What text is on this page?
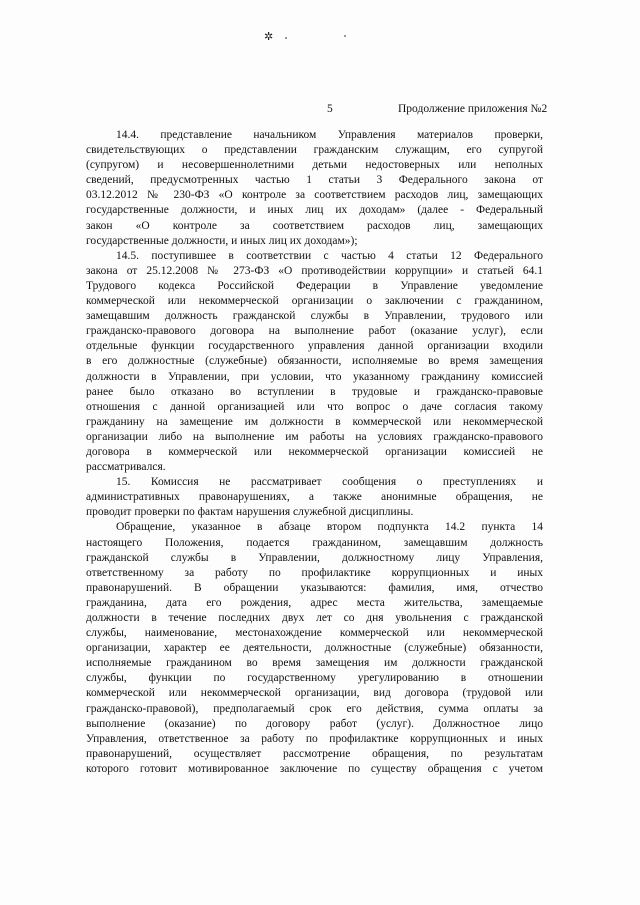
✲
5	Продолжение приложения №2
14.4. представление начальником Управления материалов проверки,
свидетельствующих о представлении гражданским служащим, его супругой
(супругом) и несовершеннолетними детьми недостоверных или неполных
сведений, предусмотренных частью 1 статьи 3 Федерального закона от
03.12.2012 № 230-ФЗ «О контроле за соответствием расходов лиц, замещающих
государственные должности, и иных лиц их доходам» (далее - Федеральный
закон «О контроле за соответствием расходов лиц, замещающих
государственные должности, и иных лиц их доходам»);
14.5. поступившее в соответствии с частью 4 статьи 12 Федерального
закона от 25.12.2008 № 273-ФЗ «О противодействии коррупции» и статьей 64.1
Трудового кодекса Российской Федерации в Управление уведомление
коммерческой или некоммерческой организации о заключении с гражданином,
замещавшим должность гражданской службы в Управлении, трудового или
гражданско-правового договора на выполнение работ (оказание услуг), если
отдельные функции государственного управления данной организации входили
в его должностные (служебные) обязанности, исполняемые во время замещения
должности в Управлении, при условии, что указанному гражданину комиссией
ранее было отказано во вступлении в трудовые и гражданско-правовые
отношения с данной организацией или что вопрос о даче согласия такому
гражданину на замещение им должности в коммерческой или некоммерческой
организации либо на выполнение им работы на условиях гражданско-правового
договора в коммерческой или некоммерческой организации комиссией не
рассматривался.
15. Комиссия не рассматривает сообщения о преступлениях и
административных правонарушениях, а также анонимные обращения, не
проводит проверки по фактам нарушения служебной дисциплины.
Обращение, указанное в абзаце втором подпункта 14.2 пункта 14
настоящего Положения, подается гражданином, замещавшим должность
гражданской службы в Управлении, должностному лицу Управления,
ответственному за работу по профилактике коррупционных и иных
правонарушений. В обращении указываются: фамилия, имя, отчество
гражданина, дата его рождения, адрес места жительства, замещаемые
должности в течение последних двух лет со дня увольнения с гражданской
службы, наименование, местонахождение коммерческой или некоммерческой
организации, характер ее деятельности, должностные (служебные) обязанности,
исполняемые гражданином во время замещения им должности гражданской
службы, функции по государственному урегулированию в отношении
коммерческой или некоммерческой организации, вид договора (трудовой или
гражданско-правовой), предполагаемый срок его действия, сумма оплаты за
выполнение (оказание) по договору работ (услуг). Должностное лицо
Управления, ответственное за работу по профилактике коррупционных и иных
правонарушений, осуществляет рассмотрение обращения, по результатам
которого готовит мотивированное заключение по существу обращения с учетом
